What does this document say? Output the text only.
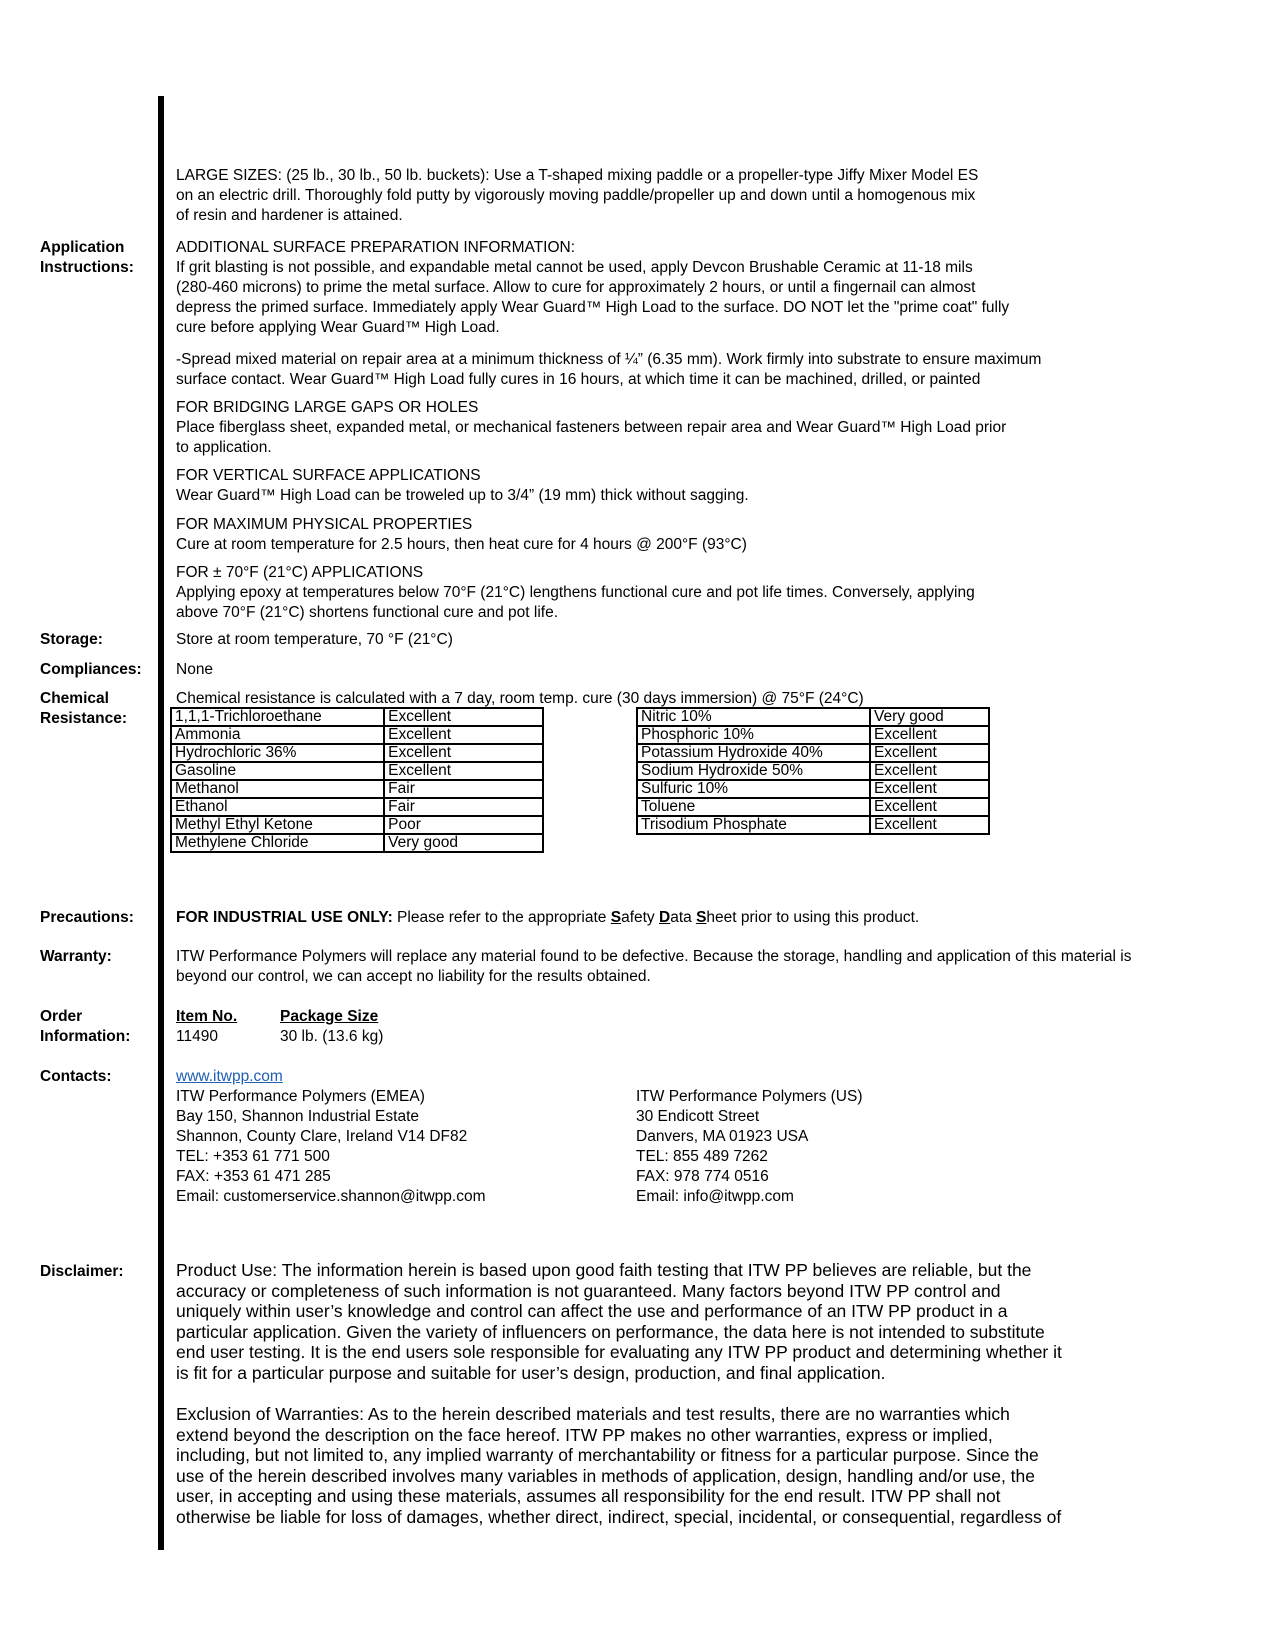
LARGE SIZES: (25 lb., 30 lb., 50 lb. buckets): Use a T-shaped mixing paddle or a propeller-type Jiffy Mixer Model ES
on an electric drill. Thoroughly fold putty by vigorously moving paddle/propeller up and down until a homogenous mix
of resin and hardener is attained.
Application
Instructions:
ADDITIONAL SURFACE PREPARATION INFORMATION:
If grit blasting is not possible, and expandable metal cannot be used, apply Devcon Brushable Ceramic at 11-18 mils
(280-460 microns) to prime the metal surface. Allow to cure for approximately 2 hours, or until a fingernail can almost
depress the primed surface. Immediately apply Wear Guard™ High Load to the surface. DO NOT let the "prime coat" fully
cure before applying Wear Guard™ High Load.
-Spread mixed material on repair area at a minimum thickness of ¼” (6.35 mm). Work firmly into substrate to ensure maximum
surface contact. Wear Guard™ High Load fully cures in 16 hours, at which time it can be machined, drilled, or painted
FOR BRIDGING LARGE GAPS OR HOLES
Place fiberglass sheet, expanded metal, or mechanical fasteners between repair area and Wear Guard™ High Load prior
to application.
FOR VERTICAL SURFACE APPLICATIONS
Wear Guard™ High Load can be troweled up to 3/4” (19 mm) thick without sagging.
FOR MAXIMUM PHYSICAL PROPERTIES
Cure at room temperature for 2.5 hours, then heat cure for 4 hours @ 200°F (93°C)
FOR ± 70°F (21°C) APPLICATIONS
Applying epoxy at temperatures below 70°F (21°C) lengthens functional cure and pot life times. Conversely, applying
above 70°F (21°C) shortens functional cure and pot life.
Storage:	Store at room temperature, 70 °F (21°C)
Compliances: None
Chemical
Resistance:
Chemical resistance is calculated with a 7 day, room temp. cure (30 days immersion) @ 75°F (24°C)
1,1,1-Trichloroethane	Excellent
Ammonia	Excellent
Hydrochloric 36%	Excellent
Gasoline	Excellent
Methanol	Fair
Ethanol	Fair
Methyl Ethyl Ketone	Poor
Methylene Chloride	Very good
Nitric 10%	Very good
Phosphoric 10%	Excellent
Potassium Hydroxide 40%	Excellent
Sodium Hydroxide 50%	Excellent
Sulfuric 10%	Excellent
Toluene	Excellent
Trisodium Phosphate	Excellent
Precautions:	FOR INDUSTRIAL USE ONLY: Please refer to the appropriate Safety Data Sheet prior to using this product.
Warranty:	ITW Performance Polymers will replace any material found to be defective. Because the storage, handling and application of this material is
beyond our control, we can accept no liability for the results obtained.
Order
Information:
Item No.	Package Size
11490	30 lb. (13.6 kg)
Contacts:	www.itwpp.com
ITW Performance Polymers (EMEA)
Bay 150, Shannon Industrial Estate
Shannon, County Clare, Ireland V14 DF82
TEL: +353 61 771 500
FAX: +353 61 471 285
Email: customerservice.shannon@itwpp.com
ITW Performance Polymers (US)
30 Endicott Street
Danvers, MA 01923 USA
TEL: 855 489 7262
FAX: 978 774 0516
Email: info@itwpp.com
Disclaimer:	Product Use: The information herein is based upon good faith testing that ITW PP believes are reliable, but the
accuracy or completeness of such information is not guaranteed. Many factors beyond ITW PP control and
uniquely within user’s knowledge and control can affect the use and performance of an ITW PP product in a
particular application. Given the variety of influencers on performance, the data here is not intended to substitute
end user testing. It is the end users sole responsible for evaluating any ITW PP product and determining whether it
is fit for a particular purpose and suitable for user’s design, production, and final application.
Exclusion of Warranties: As to the herein described materials and test results, there are no warranties which
extend beyond the description on the face hereof. ITW PP makes no other warranties, express or implied,
including, but not limited to, any implied warranty of merchantability or fitness for a particular purpose. Since the
use of the herein described involves many variables in methods of application, design, handling and/or use, the
user, in accepting and using these materials, assumes all responsibility for the end result. ITW PP shall not
otherwise be liable for loss of damages, whether direct, indirect, special, incidental, or consequential, regardless of
